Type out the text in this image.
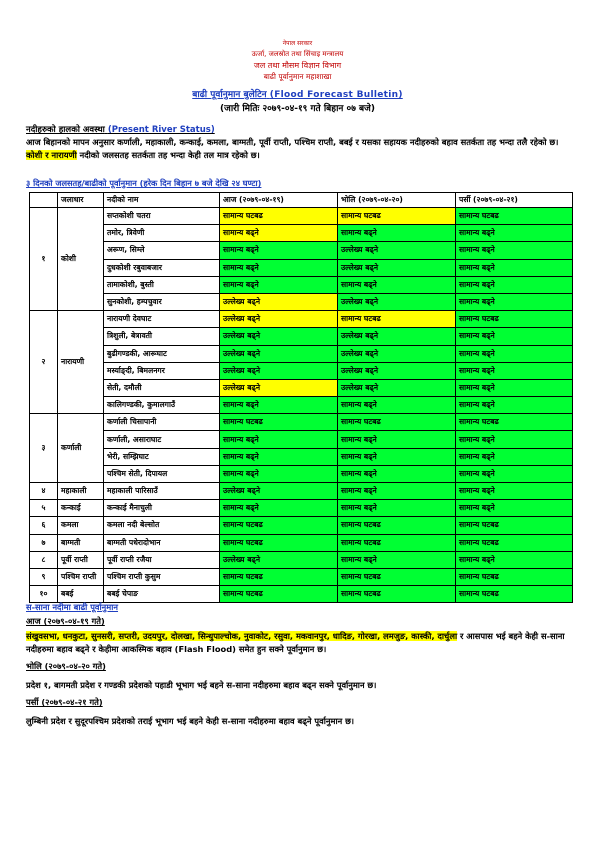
नेपाल सरकार
ऊर्जा, जलस्रोत तथा सिंचाइ मन्त्रालय
जल तथा मौसम विज्ञान विभाग
बाढी पूर्वानुमान महाशाखा
बाढी पूर्वानुमान बुलेटिन (Flood Forecast Bulletin)
(जारी मितिः २०७९-०४-१९ गते बिहान ०७ बजे)
नदीहरुको हालको अवस्था (Present River Status)
आज बिहानको मापन अनुसार कर्णाली, महाकाली, कन्काई, कमला, बाग्मती, पूर्वी राप्ती, पश्चिम राप्ती, बबई र यसका सहायक नदीहरुको बहाव सतर्कता तह भन्दा तलै रहेको छ।कोशी र नारायणी नदीको जलसतह सतर्कता तह भन्दा केही तल मात्र रहेको छ।
३ दिनको जलसतह/बाढीको पूर्वानुमान (हरेक दिन बिहान ७ बजे देखि २४ घण्टा)
	जलाधार	नदीको नाम	आज (२०७९-०४-१९)	भोलि (२०७९-०४-२०)	पर्सी (२०७९-०४-२१)
१	कोशी	सप्तकोशी चतरा	सामान्य घटबढ	सामान्य घटबढ	सामान्य घटबढ
		तमोर, त्रिवेणी	सामान्य बढ्ने	सामान्य बढ्ने	सामान्य बढ्ने
		अरूण, सिम्ले	सामान्य बढ्ने	उल्लेख्य बढ्ने	सामान्य बढ्ने
		दुधकोशी रबुवाबजार	सामान्य बढ्ने	उल्लेख्य बढ्ने	सामान्य बढ्ने
		तामाकोशी, बुस्ती	सामान्य बढ्ने	सामान्य बढ्ने	सामान्य बढ्ने
		सुनकोशी, हम्पचुवार	उल्लेख्य बढ्ने	उल्लेख्य बढ्ने	सामान्य बढ्ने
२	नारायणी	नारायणी देवघाट	उल्लेख्य बढ्ने	सामान्य घटबढ	सामान्य घटबढ
		त्रिशुली, बेत्रावती	उल्लेख्य बढ्ने	उल्लेख्य बढ्ने	सामान्य बढ्ने
		बुढीगण्डकी, आरूघाट	उल्लेख्य बढ्ने	उल्लेख्य बढ्ने	सामान्य बढ्ने
		मर्स्याङ्दी, बिमलनगर	उल्लेख्य बढ्ने	उल्लेख्य बढ्ने	सामान्य बढ्ने
		सेती, दमौली	उल्लेख्य बढ्ने	उल्लेख्य बढ्ने	सामान्य बढ्ने
		कालिगण्डकी, कुमालगाउँ	सामान्य बढ्ने	सामान्य बढ्ने	सामान्य बढ्ने
३	कर्णाली	कर्णाली चिसापानी	सामान्य घटबढ	सामान्य घटबढ	सामान्य घटबढ
		कर्णाली, असाराघाट	सामान्य बढ्ने	सामान्य बढ्ने	सामान्य बढ्ने
		भेरी, सम्झिघाट	सामान्य बढ्ने	सामान्य बढ्ने	सामान्य बढ्ने
		पश्चिम सेती, दिपायल	सामान्य बढ्ने	सामान्य बढ्ने	सामान्य बढ्ने
४	महाकाली	महाकाली पारिसाउँ	उल्लेख्य बढ्ने	सामान्य बढ्ने	सामान्य बढ्ने
५	कन्काई	कन्काई मैनाचुली	सामान्य बढ्ने	सामान्य बढ्ने	सामान्य बढ्ने
६	कमला	कमला नदी बेल्सोत	सामान्य घटबढ	सामान्य घटबढ	सामान्य घटबढ
७	बाग्मती	बाग्मती पधेरादोभान	सामान्य घटबढ	सामान्य घटबढ	सामान्य घटबढ
८	पूर्वी राप्ती	पूर्वी राप्ती रजैया	उल्लेख्य बढ्ने	सामान्य बढ्ने	सामान्य बढ्ने
९	पश्चिम राप्ती	पश्चिम राप्ती कुसुम	सामान्य घटबढ	सामान्य घटबढ	सामान्य घटबढ
१०	बबई	बबई चेपाङ	सामान्य घटबढ	सामान्य घटबढ	सामान्य घटबढ
स-साना नदीमा बाढी पूर्वानुमान
आज (२०७९-०४-१९ गते)
संखुवसभा, धनकुटा, सुनसरी, सप्तरी, उदयपुर, दोलखा, सिन्धुपाल्चोक, नुवाकोट, रसुवा, मकवानपुर, धादिङ, गोरखा, लमजुङ, कास्की, दार्चुला र आसपास भई बहने केही स-साना नदीहरुमा बहाव बढ्ने र केहीमा आकस्मिक बहाव (Flash Flood) समेत हुन सक्ने पूर्वानुमान छ।
भोलि (२०७९-०४-२० गते)
प्रदेश १, बागमती प्रदेश र गण्डकी प्रदेशको पहाडी भूभाग भई बहने स-साना नदीहरुमा बहाव बढ्न सक्ने पूर्वानुमान छ।
पर्सी (२०७९-०४-२१ गते)
लुम्बिनी प्रदेश र सुदूरपश्चिम प्रदेशको तराई भूभाग भई बहने केही स-साना नदीहरुमा बहाव बढ्ने पूर्वानुमान छ।
